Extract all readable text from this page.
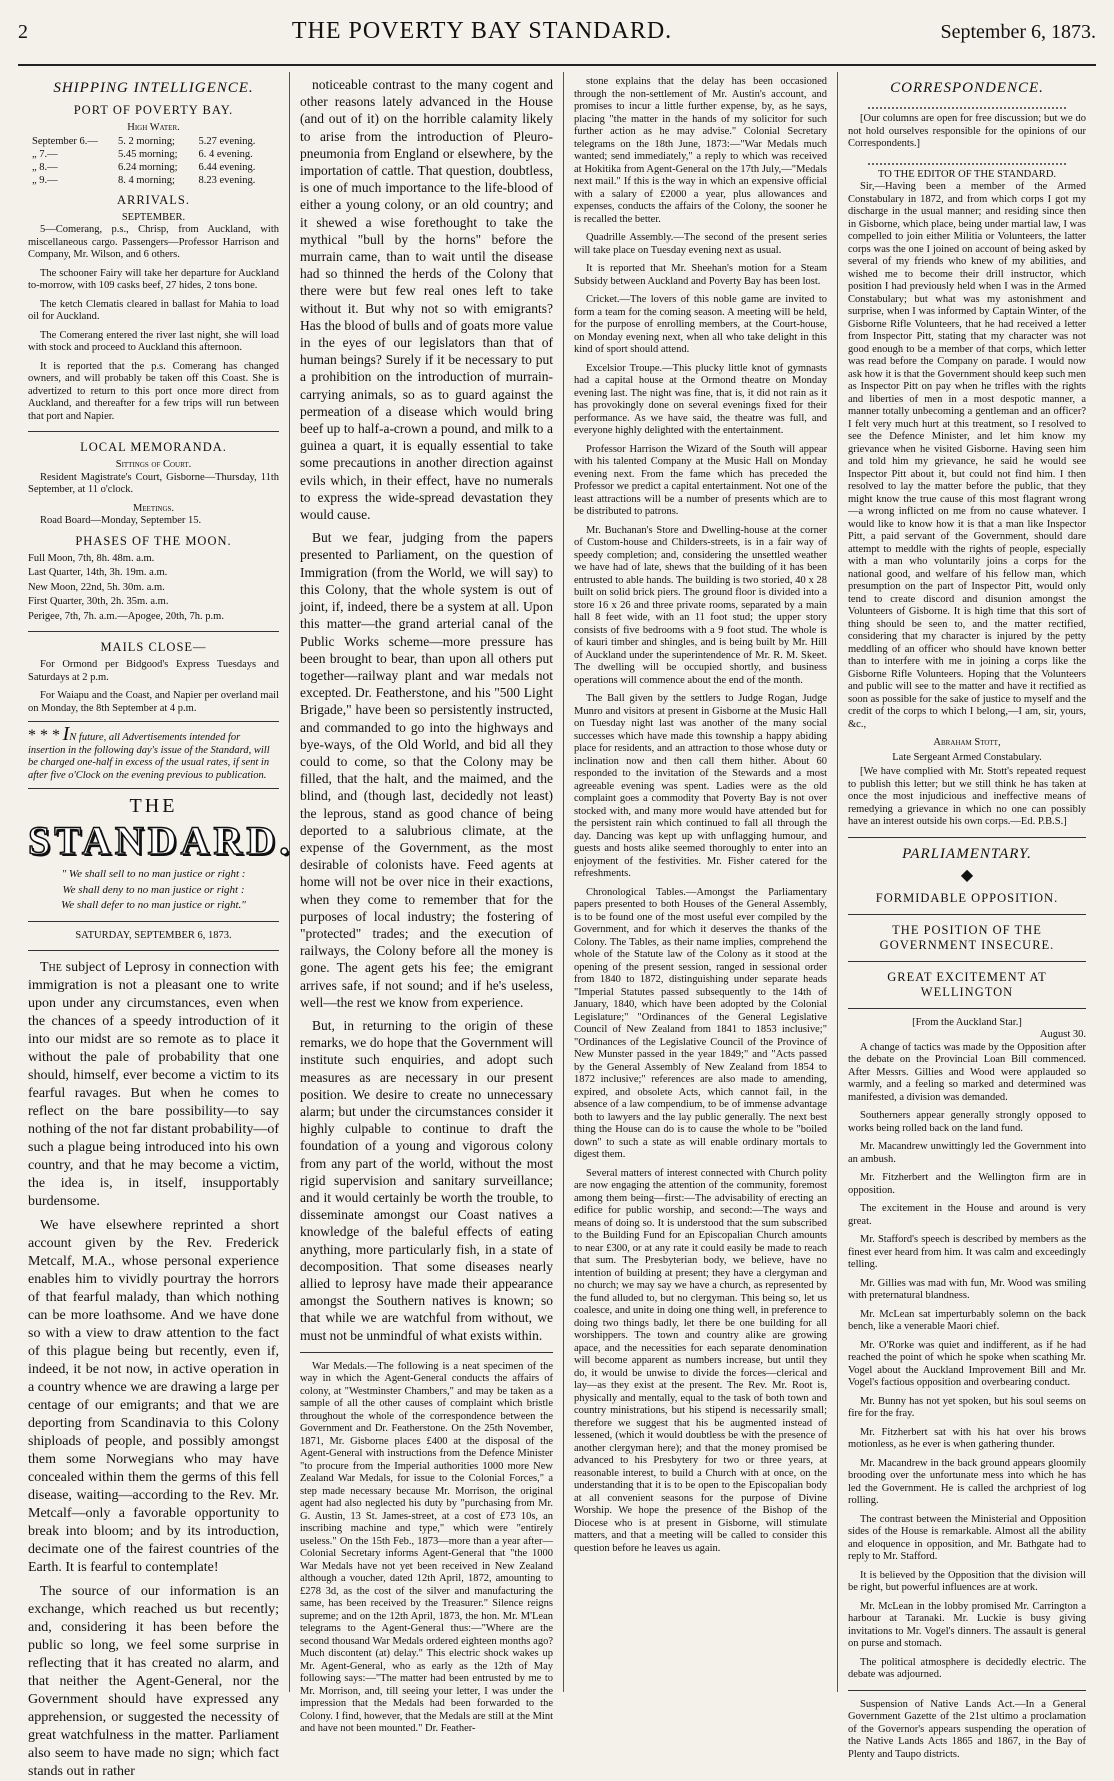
2	THE POVERTY BAY STANDARD.	September 6, 1873.
SHIPPING INTELLIGENCE.
PORT OF POVERTY BAY.
High Water.
September 6.—	5. 2 morning;	5.27 evening.
„ 7.—	5.45 morning;	6. 4 evening.
„ 8.—	6.24 morning;	6.44 evening.
„ 9.—	8. 4 morning;	8.23 evening.
ARRIVALS.
SEPTEMBER.

5—Comerang, p.s., Chrisp, from Auckland, with miscellaneous cargo. Passengers—Professor Harrison and Company, Mr. Wilson, and 6 others.

The schooner Fairy will take her departure for Auckland to-morrow, with 109 casks beef, 27 hides, 2 tons bone.

The ketch Clematis cleared in ballast for Mahia to load oil for Auckland.

The Comerang entered the river last night, she will load with stock and proceed to Auckland this afternoon.

It is reported that the p.s. Comerang has changed owners, and will probably be taken off this Coast. She is advertized to return to this port once more direct from Auckland, and thereafter for a few trips will run between that port and Napier.

LOCAL MEMORANDA.
Sittings of Court.

Resident Magistrate's Court, Gisborne—Thursday, 11th September, at 11 o'clock.

Meetings.

Road Board—Monday, September 15.

PHASES OF THE MOON.

Full Moon, 7th, 8h. 48m. a.m.

Last Quarter, 14th, 3h. 19m. a.m.

New Moon, 22nd, 5h. 30m. a.m.

First Quarter, 30th, 2h. 35m. a.m.

Perigee, 7th, 7h. a.m.—Apogee, 20th, 7h. p.m.

MAILS CLOSE—

For Ormond per Bidgood's Express Tuesdays and Saturdays at 2 p.m.

For Waiapu and the Coast, and Napier per overland mail on Monday, the 8th September at 4 p.m.

* * * IN future, all Advertisements intended for insertion in the following day's issue of the Standard, will be charged one-half in excess of the usual rates, if sent in after five o'Clock on the evening previous to publication.
THE
STANDARD.

" We shall sell to no man justice or right :

We shall deny to no man justice or right :

We shall defer to no man justice or right."

SATURDAY, SEPTEMBER 6, 1873.

The subject of Leprosy in connection with immigration is not a pleasant one to write upon under any circumstances, even when the chances of a speedy introduction of it into our midst are so remote as to place it without the pale of probability that one should, himself, ever become a victim to its fearful ravages. But when he comes to reflect on the bare possibility—to say nothing of the not far distant probability—of such a plague being introduced into his own country, and that he may become a victim, the idea is, in itself, insupportably burdensome.

We have elsewhere reprinted a short account given by the Rev. Frederick Metcalf, M.A., whose personal experience enables him to vividly pourtray the horrors of that fearful malady, than which nothing can be more loathsome. And we have done so with a view to draw attention to the fact of this plague being but recently, even if, indeed, it be not now, in active operation in a country whence we are drawing a large per centage of our emigrants; and that we are deporting from Scandinavia to this Colony shiploads of people, and possibly amongst them some Norwegians who may have concealed within them the germs of this fell disease, waiting—according to the Rev. Mr. Metcalf—only a favorable opportunity to break into bloom; and by its introduction, decimate one of the fairest countries of the Earth. It is fearful to contemplate!

The source of our information is an exchange, which reached us but recently; and, considering it has been before the public so long, we feel some surprise in reflecting that it has created no alarm, and that neither the Agent-General, nor the Government should have expressed any apprehension, or suggested the necessity of great watchfulness in the matter. Parliament also seem to have made no sign; which fact stands out in rather

noticeable contrast to the many cogent and other reasons lately advanced in the House (and out of it) on the horrible calamity likely to arise from the introduction of Pleuro-pneumonia from England or elsewhere, by the importation of cattle. That question, doubtless, is one of much importance to the life-blood of either a young colony, or an old country; and it shewed a wise forethought to take the mythical "bull by the horns" before the murrain came, than to wait until the disease had so thinned the herds of the Colony that there were but few real ones left to take without it. But why not so with emigrants? Has the blood of bulls and of goats more value in the eyes of our legislators than that of human beings? Surely if it be necessary to put a prohibition on the introduction of murrain-carrying animals, so as to guard against the permeation of a disease which would bring beef up to half-a-crown a pound, and milk to a guinea a quart, it is equally essential to take some precautions in another direction against evils which, in their effect, have no numerals to express the wide-spread devastation they would cause.

But we fear, judging from the papers presented to Parliament, on the question of Immigration (from the World, we will say) to this Colony, that the whole system is out of joint, if, indeed, there be a system at all. Upon this matter—the grand arterial canal of the Public Works scheme—more pressure has been brought to bear, than upon all others put together—railway plant and war medals not excepted. Dr. Featherstone, and his "500 Light Brigade," have been so persistently instructed, and commanded to go into the highways and bye-ways, of the Old World, and bid all they could to come, so that the Colony may be filled, that the halt, and the maimed, and the blind, and (though last, decidedly not least) the leprous, stand as good chance of being deported to a salubrious climate, at the expense of the Government, as the most desirable of colonists have. Feed agents at home will not be over nice in their exactions, when they come to remember that for the purposes of local industry; the fostering of "protected" trades; and the execution of railways, the Colony before all the money is gone. The agent gets his fee; the emigrant arrives safe, if not sound; and if he's useless, well—the rest we know from experience.

But, in returning to the origin of these remarks, we do hope that the Government will institute such enquiries, and adopt such measures as are necessary in our present position. We desire to create no unnecessary alarm; but under the circumstances consider it highly culpable to continue to draft the foundation of a young and vigorous colony from any part of the world, without the most rigid supervision and sanitary surveillance; and it would certainly be worth the trouble, to disseminate amongst our Coast natives a knowledge of the baleful effects of eating anything, more particularly fish, in a state of decomposition. That some diseases nearly allied to leprosy have made their appearance amongst the Southern natives is known; so that while we are watchful from without, we must not be unmindful of what exists within.

War Medals.—The following is a neat specimen of the way in which the Agent-General conducts the affairs of colony, at "Westminster Chambers," and may be taken as a sample of all the other causes of complaint which bristle throughout the whole of the correspondence between the Government and Dr. Featherstone. On the 25th November, 1871, Mr. Gisborne places £400 at the disposal of the Agent-General with instructions from the Defence Minister "to procure from the Imperial authorities 1000 more New Zealand War Medals, for issue to the Colonial Forces," a step made necessary because Mr. Morrison, the original agent had also neglected his duty by "purchasing from Mr. G. Austin, 13 St. James-street, at a cost of £73 10s, an inscribing machine and type," which were "entirely useless." On the 15th Feb., 1873—more than a year after—Colonial Secretary informs Agent-General that "the 1000 War Medals have not yet been received in New Zealand although a voucher, dated 12th April, 1872, amounting to £278 3d, as the cost of the silver and manufacturing the same, has been received by the Treasurer." Silence reigns supreme; and on the 12th April, 1873, the hon. Mr. M'Lean telegrams to the Agent-General thus:—"Where are the second thousand War Medals ordered eighteen months ago? Much discontent (at) delay." This electric shock wakes up Mr. Agent-General, who as early as the 12th of May following says:—"The matter had been entrusted by me to Mr. Morrison, and, till seeing your letter, I was under the impression that the Medals had been forwarded to the Colony. I find, however, that the Medals are still at the Mint and have not been mounted." Dr. Feather-

stone explains that the delay has been occasioned through the non-settlement of Mr. Austin's account, and promises to incur a little further expense, by, as he says, placing "the matter in the hands of my solicitor for such further action as he may advise." Colonial Secretary telegrams on the 18th June, 1873:—"War Medals much wanted; send immediately," a reply to which was received at Hokitika from Agent-General on the 17th July,—"Medals next mail." If this is the way in which an expensive official with a salary of £2000 a year, plus allowances and expenses, conducts the affairs of the Colony, the sooner he is recalled the better.

Quadrille Assembly.—The second of the present series will take place on Tuesday evening next as usual.

It is reported that Mr. Sheehan's motion for a Steam Subsidy between Auckland and Poverty Bay has been lost.

Cricket.—The lovers of this noble game are invited to form a team for the coming season. A meeting will be held, for the purpose of enrolling members, at the Court-house, on Monday evening next, when all who take delight in this kind of sport should attend.

Excelsior Troupe.—This plucky little knot of gymnasts had a capital house at the Ormond theatre on Monday evening last. The night was fine, that is, it did not rain as it has provokingly done on several evenings fixed for their performance. As we have said, the theatre was full, and everyone highly delighted with the entertainment.

Professor Harrison the Wizard of the South will appear with his talented Company at the Music Hall on Monday evening next. From the fame which has preceded the Professor we predict a capital entertainment. Not one of the least attractions will be a number of presents which are to be distributed to patrons.

Mr. Buchanan's Store and Dwelling-house at the corner of Custom-house and Childers-streets, is in a fair way of speedy completion; and, considering the unsettled weather we have had of late, shews that the building of it has been entrusted to able hands. The building is two storied, 40 x 28 built on solid brick piers. The ground floor is divided into a store 16 x 26 and three private rooms, separated by a main hall 8 feet wide, with an 11 foot stud; the upper story consists of five bedrooms with a 9 foot stud. The whole is of kauri timber and shingles, and is being built by Mr. Hill of Auckland under the superintendence of Mr. R. M. Skeet. The dwelling will be occupied shortly, and business operations will commence about the end of the month.

The Ball given by the settlers to Judge Rogan, Judge Munro and visitors at present in Gisborne at the Music Hall on Tuesday night last was another of the many social successes which have made this township a happy abiding place for residents, and an attraction to those whose duty or inclination now and then call them hither. About 60 responded to the invitation of the Stewards and a most agreeable evening was spent. Ladies were as the old complaint goes a commodity that Poverty Bay is not over stocked with, and many more would have attended but for the persistent rain which continued to fall all through the day. Dancing was kept up with unflagging humour, and guests and hosts alike seemed thoroughly to enter into an enjoyment of the festivities. Mr. Fisher catered for the refreshments.

Chronological Tables.—Amongst the Parliamentary papers presented to both Houses of the General Assembly, is to be found one of the most useful ever compiled by the Government, and for which it deserves the thanks of the Colony. The Tables, as their name implies, comprehend the whole of the Statute law of the Colony as it stood at the opening of the present session, ranged in sessional order from 1840 to 1872, distinguishing under separate heads "Imperial Statutes passed subsequently to the 14th of January, 1840, which have been adopted by the Colonial Legislature;" "Ordinances of the General Legislative Council of New Zealand from 1841 to 1853 inclusive;" "Ordinances of the Legislative Council of the Province of New Munster passed in the year 1849;" and "Acts passed by the General Assembly of New Zealand from 1854 to 1872 inclusive;" references are also made to amending, expired, and obsolete Acts, which cannot fail, in the absence of a law compendium, to be of immense advantage both to lawyers and the lay public generally. The next best thing the House can do is to cause the whole to be "boiled down" to such a state as will enable ordinary mortals to digest them.

Several matters of interest connected with Church polity are now engaging the attention of the community, foremost among them being—first:—The advisability of erecting an edifice for public worship, and second:—The ways and means of doing so. It is understood that the sum subscribed to the Building Fund for an Episcopalian Church amounts to near £300, or at any rate it could easily be made to reach that sum. The Presbyterian body, we believe, have no intention of building at present; they have a clergyman and no church; we may say we have a church, as represented by the fund alluded to, but no clergyman. This being so, let us coalesce, and unite in doing one thing well, in preference to doing two things badly, let there be one building for all worshippers. The town and country alike are growing apace, and the necessities for each separate denomination will become apparent as numbers increase, but until they do, it would be unwise to divide the forces—clerical and lay—as they exist at the present. The Rev. Mr. Root is, physically and mentally, equal to the task of both town and country ministrations, but his stipend is necessarily small; therefore we suggest that his be augmented instead of lessened, (which it would doubtless be with the presence of another clergyman here); and that the money promised be advanced to his Presbytery for two or three years, at reasonable interest, to build a Church with at once, on the understanding that it is to be open to the Episcopalian body at all convenient seasons for the purpose of Divine Worship. We hope the presence of the Bishop of the Diocese who is at present in Gisborne, will stimulate matters, and that a meeting will be called to consider this question before he leaves us again.

CORRESPONDENCE.

[Our columns are open for free discussion; but we do not hold ourselves responsible for the opinions of our Correspondents.]

TO THE EDITOR OF THE STANDARD.

Sir,—Having been a member of the Armed Constabulary in 1872, and from which corps I got my discharge in the usual manner; and residing since then in Gisborne, which place, being under martial law, I was compelled to join either Militia or Volunteers, the latter corps was the one I joined on account of being asked by several of my friends who knew of my abilities, and wished me to become their drill instructor, which position I had previously held when I was in the Armed Constabulary; but what was my astonishment and surprise, when I was informed by Captain Winter, of the Gisborne Rifle Volunteers, that he had received a letter from Inspector Pitt, stating that my character was not good enough to be a member of that corps, which letter was read before the Company on parade. I would now ask how it is that the Government should keep such men as Inspector Pitt on pay when he trifles with the rights and liberties of men in a most despotic manner, a manner totally unbecoming a gentleman and an officer? I felt very much hurt at this treatment, so I resolved to see the Defence Minister, and let him know my grievance when he visited Gisborne. Having seen him and told him my grievance, he said he would see Inspector Pitt about it, but could not find him. I then resolved to lay the matter before the public, that they might know the true cause of this most flagrant wrong—a wrong inflicted on me from no cause whatever. I would like to know how it is that a man like Inspector Pitt, a paid servant of the Government, should dare attempt to meddle with the rights of people, especially with a man who voluntarily joins a corps for the national good, and welfare of his fellow man, which presumption on the part of Inspector Pitt, would only tend to create discord and disunion amongst the Volunteers of Gisborne. It is high time that this sort of thing should be seen to, and the matter rectified, considering that my character is injured by the petty meddling of an officer who should have known better than to interfere with me in joining a corps like the Gisborne Rifle Volunteers. Hoping that the Volunteers and public will see to the matter and have it rectified as soon as possible for the sake of justice to myself and the credit of the corps to which I belong,—I am, sir, yours, &c.,

Abraham Stott,

Late Sergeant Armed Constabulary.

[We have complied with Mr. Stott's repeated request to publish this letter; but we still think he has taken at once the most injudicious and ineffective means of remedying a grievance in which no one can possibly have an interest outside his own corps.—Ed. P.B.S.]

PARLIAMENTARY.
◆
FORMIDABLE OPPOSITION.
THE POSITION OF THE GOVERNMENT INSECURE.
GREAT EXCITEMENT AT WELLINGTON
[From the Auckland Star.]
August 30.

A change of tactics was made by the Opposition after the debate on the Provincial Loan Bill commenced. After Messrs. Gillies and Wood were applauded so warmly, and a feeling so marked and determined was manifested, a division was demanded.

Southerners appear generally strongly opposed to works being rolled back on the land fund.

Mr. Macandrew unwittingly led the Government into an ambush.

Mr. Fitzherbert and the Wellington firm are in opposition.

The excitement in the House and around is very great.

Mr. Stafford's speech is described by members as the finest ever heard from him. It was calm and exceedingly telling.

Mr. Gillies was mad with fun, Mr. Wood was smiling with preternatural blandness.

Mr. McLean sat imperturbably solemn on the back bench, like a venerable Maori chief.

Mr. O'Rorke was quiet and indifferent, as if he had reached the point of which he spoke when scathing Mr. Vogel about the Auckland Improvement Bill and Mr. Vogel's factious opposition and overbearing conduct.

Mr. Bunny has not yet spoken, but his soul seems on fire for the fray.

Mr. Fitzherbert sat with his hat over his brows motionless, as he ever is when gathering thunder.

Mr. Macandrew in the back ground appears gloomily brooding over the unfortunate mess into which he has led the Government. He is called the archpriest of log rolling.

The contrast between the Ministerial and Opposition sides of the House is remarkable. Almost all the ability and eloquence in opposition, and Mr. Bathgate had to reply to Mr. Stafford.

It is believed by the Opposition that the division will be right, but powerful influences are at work.

Mr. McLean in the lobby promised Mr. Carrington a harbour at Taranaki. Mr. Luckie is busy giving invitations to Mr. Vogel's dinners. The assault is general on purse and stomach.

The political atmosphere is decidedly electric. The debate was adjourned.

Suspension of Native Lands Act.—In a General Government Gazette of the 21st ultimo a proclamation of the Governor's appears suspending the operation of the Native Lands Acts 1865 and 1867, in the Bay of Plenty and Taupo districts.
